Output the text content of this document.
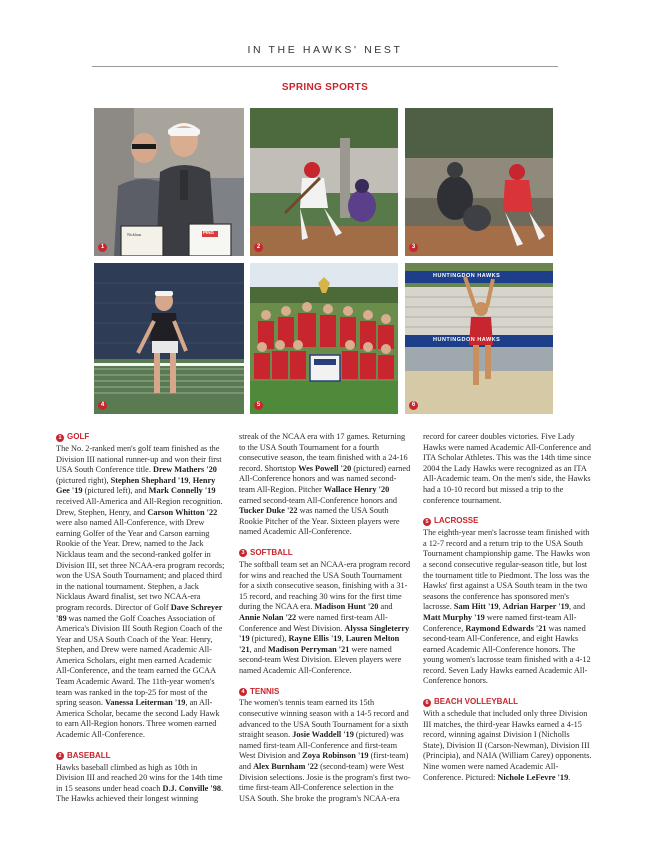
IN THE HAWKS' NEST
SPRING SPORTS
Nicklaus	PING
1	2	3
4	5
HUNTINGDON HAWKS
HUNTINGDON HAWKS
6
1 GOLF

The No. 2-ranked men's golf team finished as the Division III national runner-up and won their first USA South Conference title. Drew Mathers '20 (pictured right), Stephen Shephard '19, Henry Gee '19 (pictured left), and Mark Connelly '19 received All-America and All-Region recognition. Drew, Stephen, Henry, and Carson Whitton '22 were also named All-Conference, with Drew earning Golfer of the Year and Carson earning Rookie of the Year. Drew, named to the Jack Nicklaus team and the second-ranked golfer in Division III, set three NCAA-era program records; won the USA South Tournament; and placed third in the national tournament. Stephen, a Jack Nicklaus Award finalist, set two NCAA-era program records. Director of Golf Dave Schreyer '89 was named the Golf Coaches Association of America's Division III South Region Coach of the Year and USA South Coach of the Year. Henry, Stephen, and Drew were named Academic All-America Scholars, eight men earned Academic All-Conference, and the team earned the GCAA Team Academic Award. The 11th-year women's team was ranked in the top-25 for most of the spring season. Vanessa Leiterman '19, an All-America Scholar, became the second Lady Hawk to earn All-Region honors. Three women earned Academic All-Conference.

2 BASEBALL

Hawks baseball climbed as high as 10th in Division III and reached 20 wins for the 14th time in 15 seasons under head coach D.J. Conville '98. The Hawks achieved their longest winning

streak of the NCAA era with 17 games. Returning to the USA South Tournament for a fourth consecutive season, the team finished with a 24-16 record. Shortstop Wes Powell '20 (pictured) earned All-Conference honors and was named second-team All-Region. Pitcher Wallace Henry '20 earned second-team All-Conference honors and Tucker Duke '22 was named the USA South Rookie Pitcher of the Year. Sixteen players were named Academic All-Conference.

3 SOFTBALL

The softball team set an NCAA-era program record for wins and reached the USA South Tournament for a sixth consecutive season, finishing with a 31-15 record, and reaching 30 wins for the first time during the NCAA era. Madison Hunt '20 and Annie Nolan '22 were named first-team All-Conference and West Division. Alyssa Singleterry '19 (pictured), Rayne Ellis '19, Lauren Melton '21, and Madison Perryman '21 were named second-team West Division. Eleven players were named Academic All-Conference.

4 TENNIS

The women's tennis team earned its 15th consecutive winning season with a 14-5 record and advanced to the USA South Tournament for a sixth straight season. Josie Waddell '19 (pictured) was named first-team All-Conference and first-team West Division and Zoya Robinson '19 (first-team) and Alex Burnham '22 (second-team) were West Division selections. Josie is the program's first two-time first-team All-Conference selection in the USA South. She broke the program's NCAA-era

record for career doubles victories. Five Lady Hawks were named Academic All-Conference and ITA Scholar Athletes. This was the 14th time since 2004 the Lady Hawks were recognized as an ITA All-Academic team. On the men's side, the Hawks had a 10-10 record but missed a trip to the conference tournament.

5 LACROSSE

The eighth-year men's lacrosse team finished with a 12-7 record and a return trip to the USA South Tournament championship game. The Hawks won a second consecutive regular-season title, but lost the tournament title to Piedmont. The loss was the Hawks' first against a USA South team in the two seasons the conference has sponsored men's lacrosse. Sam Hitt '19, Adrian Harper '19, and Matt Murphy '19 were named first-team All-Conference, Raymond Edwards '21 was named second-team All-Conference, and eight Hawks earned Academic All-Conference honors. The young women's lacrosse team finished with a 4-12 record. Seven Lady Hawks earned Academic All-Conference honors.

6 BEACH VOLLEYBALL

With a schedule that included only three Division III matches, the third-year Hawks earned a 4-15 record, winning against Division I (Nicholls State), Division II (Carson-Newman), Division III (Principia), and NAIA (William Carey) opponents. Nine women were named Academic All-Conference. Pictured: Nichole LeFevre '19.
